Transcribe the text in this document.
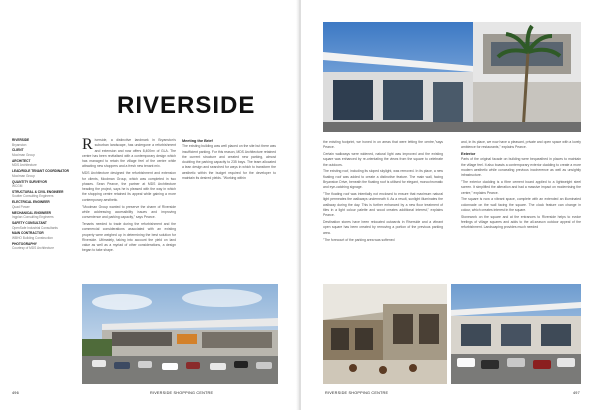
RIVERSIDE
RIVERSIDE
Bryanston
CLIENT
Moolman Group
ARCHITECT
MDS Architecture
LEAD/ROLE TENANT COORDINATOR
Moolman Group
QUANTITY SURVEYOR
WCGM
STRUCTURAL & CIVIL ENGINEER
Soutter Consulting Engineers
ELECTRICAL ENGINEER
Quad Power
MECHANICAL ENGINEER
Ingplan Consulting Engineers
SAFETY CONSULTANT
OpenSafe Industrial Consultants
MAIN CONTRACTOR
WBHO Building Construction
PHOTOGRAPHY
Courtesy of MDS Architecture
R iverside, a distinctive landmark in Bryanston's suburban landscape, has undergone a refurbishment and extension and now offers 8,400m² of GLA. The centre has been revitalised with a contemporary design which has managed to retain the village feel of the centre while attracting new shoppers and a fresh new tenant mix.

MDS Architecture designed the refurbishment and extension for clients, Moolman Group, which was completed in two phases. Sean Pearce, the partner at MDS Architecture heading the project, says he is pleased with the way in which the shopping centre retained its appeal while gaining a more contemporary aesthetic.

"Moolman Group wanted to preserve the charm of Riverside while addressing accessibility issues and improving convenience and parking capacity," says Pearce.

Tenants needed to trade during the refurbishment and the commercial considerations associated with an existing property were weighed up in determining the best solution for Riverside. Ultimately, taking into account the yield on land value as well as a myriad of other considerations, a design began to take shape.

Meeting the Brief

The existing building was well placed on the site but there was insufficient parking. For this reason, MDS Architecture retained the current structure and created new parking, almost doubling the parking capacity to 235 bays. The team allocated a lean design and searched for ways in which to transform the aesthetic within the budget required for the developer to maintain its desired yields. "Working within

496	RIVERSIDE SHOPPING CENTRE

the existing footprint, we honed in on areas that were letting the centre,"says Pearce.

Certain walkways were widened, natural light was improved and the existing square was enhanced by re-orientating the views from the square to celebrate the outdoors.

The existing roof, including its sloped skylight, was removed. In its place, a new floating roof was added to create a distinctive feature. The main wall, facing Bryanston Drive, beneath the floating roof is utilised for elegant, monochromatic and eye-catching signage.

"The floating roof was intentially not enclosed to ensure that maximum natural light permeates the walkways underneath it. As a result, sunlight illuminates the walkway during the day. This is further enhanced by a new floor treatment of tiles in a light colour palette and wood creates additional interest," explains Pearce.

Destination stores have been relocated outwards in Riverside and a vibrant open square has been created by removing a portion of the previous parking area.

"The forecourt of the parking area was softened

and, in its place, we now have a pleasant, private and open space with a lovely ambience for restaurants," explains Pearce.

Exterior

Parts of the original facade on building were bequeathed in places to maintain the village feel. It also boasts a contemporary exterior cladding to create a more modern aesthetic while concealing previous incoherence as well as unsightly infrastructure.

"The exterior cladding is a fibre cement board applied to a lightweight steel screen. It simplified the alteration and had a massive impact on modernising the centre," explains Pearce.

The square is now a vibrant space, complete with an extended an illuminated colonnade on the wall facing the square. The clock feature can change in colour, which creates interest in the square.

Stonework on the square and at the entrances to Riverside helps to evoke feelings of village squares and adds to the all-season outdoor appeal of the refurbishment. Landscaping provides much needed

RIVERSIDE SHOPPING CENTRE	497
